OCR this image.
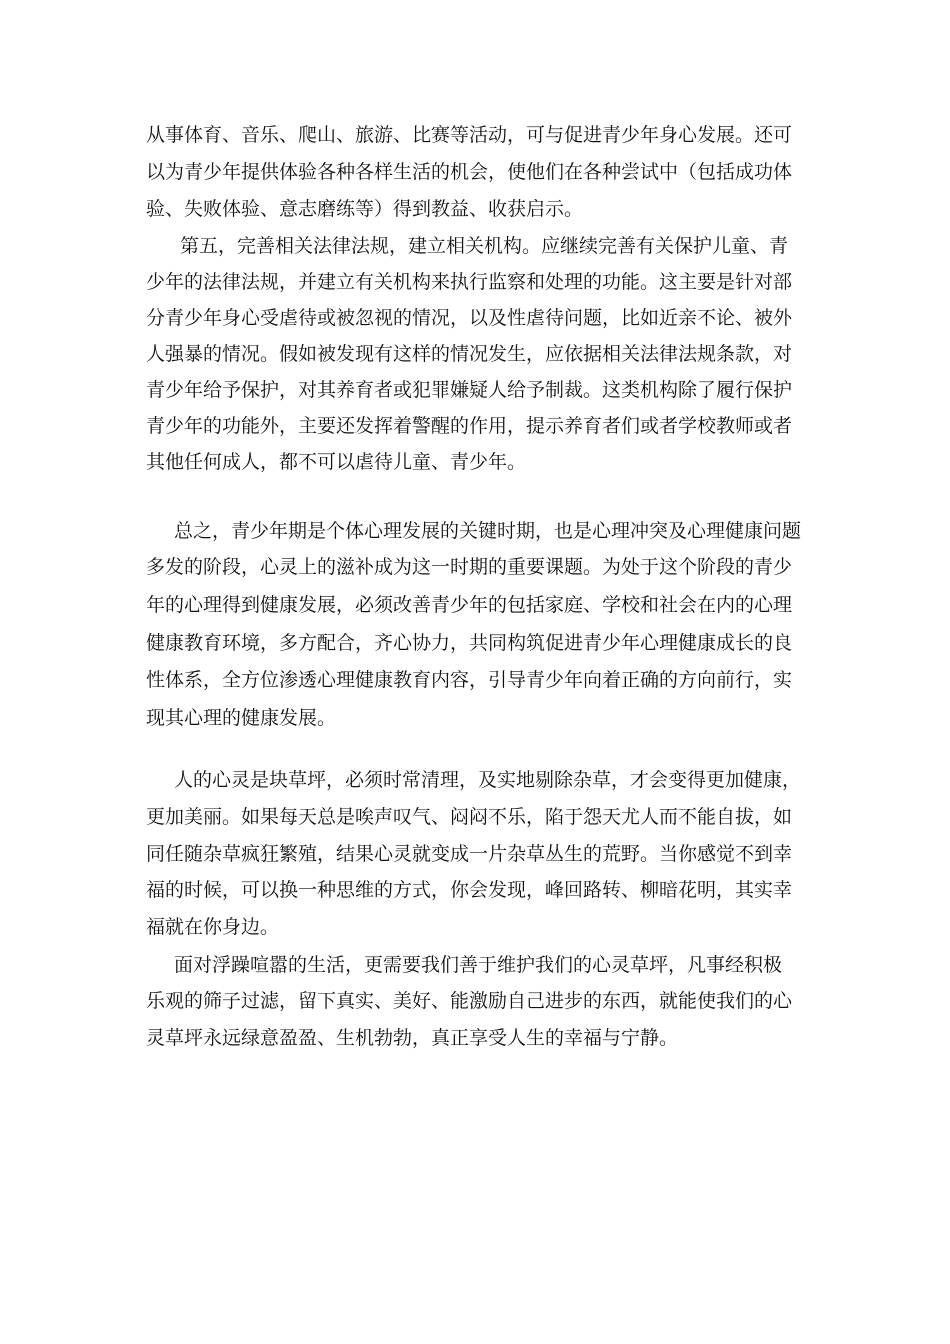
从事体育、音乐、爬山、旅游、比赛等活动，可与促进青少年身心发展。还可
以为青少年提供体验各种各样生活的机会，使他们在各种尝试中（包括成功体
验、失败体验、意志磨练等）得到教益、收获启示。
第五，完善相关法律法规，建立相关机构。应继续完善有关保护儿童、青
少年的法律法规，并建立有关机构来执行监察和处理的功能。这主要是针对部
分青少年身心受虐待或被忽视的情况，以及性虐待问题，比如近亲不论、被外
人强暴的情况。假如被发现有这样的情况发生，应依据相关法律法规条款，对
青少年给予保护，对其养育者或犯罪嫌疑人给予制裁。这类机构除了履行保护
青少年的功能外，主要还发挥着警醒的作用，提示养育者们或者学校教师或者
其他任何成人，都不可以虐待儿童、青少年。
总之，青少年期是个体心理发展的关键时期，也是心理冲突及心理健康问题
多发的阶段，心灵上的滋补成为这一时期的重要课题。为处于这个阶段的青少
年的心理得到健康发展，必须改善青少年的包括家庭、学校和社会在内的心理
健康教育环境，多方配合，齐心协力，共同构筑促进青少年心理健康成长的良
性体系，全方位渗透心理健康教育内容，引导青少年向着正确的方向前行，实
现其心理的健康发展。
人的心灵是块草坪，必须时常清理，及实地剔除杂草，才会变得更加健康，
更加美丽。如果每天总是唉声叹气、闷闷不乐，陷于怨天尤人而不能自拔，如
同任随杂草疯狂繁殖，结果心灵就变成一片杂草丛生的荒野。当你感觉不到幸
福的时候，可以换一种思维的方式，你会发现，峰回路转、柳暗花明，其实幸
福就在你身边。
面对浮躁喧嚣的生活，更需要我们善于维护我们的心灵草坪，凡事经积极
乐观的筛子过滤，留下真实、美好、能激励自己进步的东西，就能使我们的心
灵草坪永远绿意盈盈、生机勃勃，真正享受人生的幸福与宁静。
